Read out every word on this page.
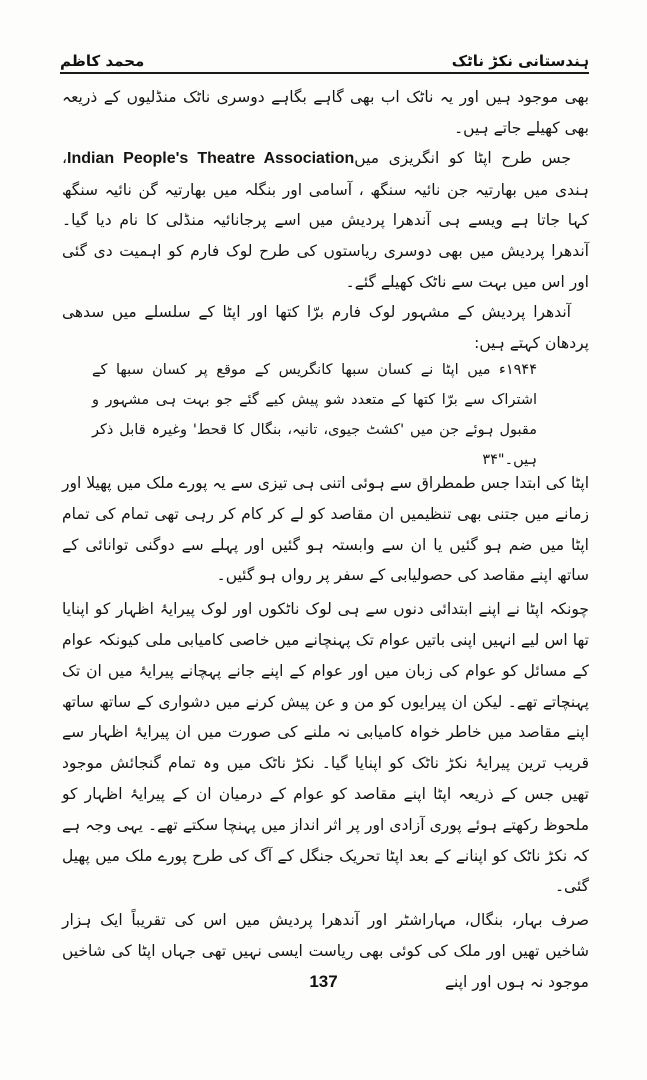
ہندستانی نکڑ ناٹک
محمد کاظم

بھی موجود ہیں اور یہ ناٹک اب بھی گاہے بگاہے دوسری ناٹک منڈلیوں کے ذریعہ بھی کھیلے جاتے ہیں۔

جس طرح اپٹا کو انگریزی میںIndian People's Theatre Association، ہندی میں بھارتیہ جن نائیہ سنگھ ، آسامی اور بنگلہ میں بھارتیہ گن نائیہ سنگھ کہا جاتا ہے ویسے ہی آندھرا پردیش میں اسے پرجانائیہ منڈلی کا نام دیا گیا۔ آندھرا پردیش میں بھی دوسری ریاستوں کی طرح لوک فارم کو اہمیت دی گئی اور اس میں بہت سے ناٹک کھیلے گئے۔

آندھرا پردیش کے مشہور لوک فارم برّا کتھا اور اپٹا کے سلسلے میں سدھی پردھان کہتے ہیں:

۱۹۴۴ء میں اپٹا نے کسان سبھا کانگریس کے موقع پر کسان سبھا کے اشتراک سے برّا کتھا کے متعدد شو پیش کیے گئے جو بہت ہی مشہور و مقبول ہوئے جن میں 'کشٹ جیوی، تانیہ، بنگال کا قحط' وغیرہ قابل ذکر ہیں۔"۳۴

اپٹا کی ابتدا جس طمطراق سے ہوئی اتنی ہی تیزی سے یہ پورے ملک میں پھیلا اور زمانے میں جتنی بھی تنظیمیں ان مقاصد کو لے کر کام کر رہی تھی تمام کی تمام اپٹا میں ضم ہو گئیں یا ان سے وابستہ ہو گئیں اور پہلے سے دوگنی توانائی کے ساتھ اپنے مقاصد کی حصولیابی کے سفر پر رواں ہو گئیں۔

چونکہ اپٹا نے اپنے ابتدائی دنوں سے ہی لوک ناٹکوں اور لوک پیرایۂ اظہار کو اپنایا تھا اس لیے انہیں اپنی باتیں عوام تک پہنچانے میں خاصی کامیابی ملی کیونکہ عوام کے مسائل کو عوام کی زبان میں اور عوام کے اپنے جانے پہچانے پیرایۂ میں ان تک پہنچاتے تھے۔ لیکن ان پیرایوں کو من و عن پیش کرنے میں دشواری کے ساتھ ساتھ اپنے مقاصد میں خاطر خواہ کامیابی نہ ملنے کی صورت میں ان پیرایۂ اظہار سے قریب ترین پیرایۂ نکڑ ناٹک کو اپنایا گیا۔ نکڑ ناٹک میں وہ تمام گنجائش موجود تھیں جس کے ذریعہ اپٹا اپنے مقاصد کو عوام کے درمیان ان کے پیرایۂ اظہار کو ملحوظ رکھتے ہوئے پوری آزادی اور پر اثر انداز میں پہنچا سکتے تھے۔ یہی وجہ ہے کہ نکڑ ناٹک کو اپنانے کے بعد اپٹا تحریک جنگل کے آگ کی طرح پورے ملک میں پھیل گئی۔

صرف بہار، بنگال، مہاراشٹر اور آندھرا پردیش میں اس کی تقریباً ایک ہزار شاخیں تھیں اور ملک کی کوئی بھی ریاست ایسی نہیں تھی جہاں اپٹا کی شاخیں موجود نہ ہوں اور اپنے

137
